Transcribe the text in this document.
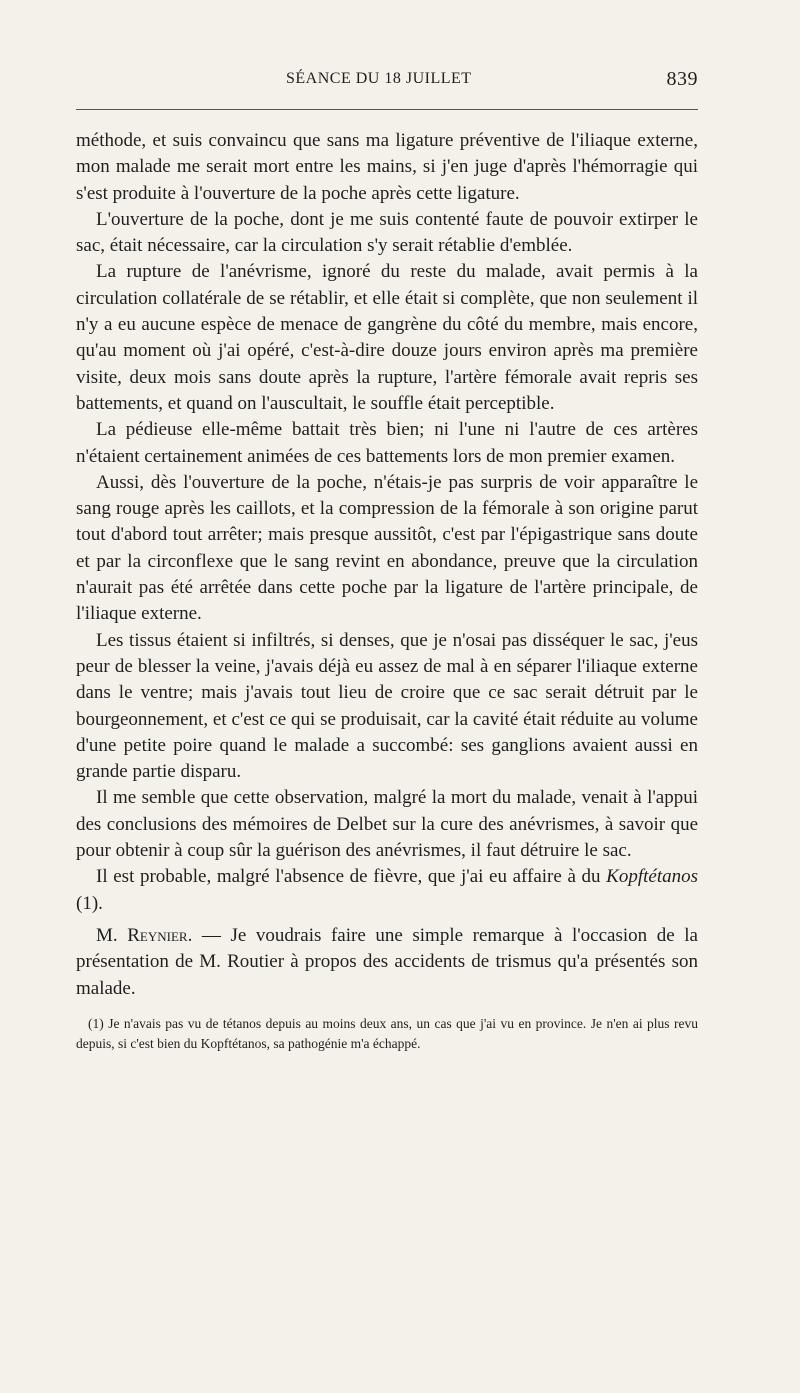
SÉANCE DU 18 JUILLET	839

méthode, et suis convaincu que sans ma ligature préventive de l'iliaque externe, mon malade me serait mort entre les mains, si j'en juge d'après l'hémorragie qui s'est produite à l'ouverture de la poche après cette ligature.

L'ouverture de la poche, dont je me suis contenté faute de pouvoir extirper le sac, était nécessaire, car la circulation s'y serait rétablie d'emblée.

La rupture de l'anévrisme, ignoré du reste du malade, avait permis à la circulation collatérale de se rétablir, et elle était si complète, que non seulement il n'y a eu aucune espèce de menace de gangrène du côté du membre, mais encore, qu'au moment où j'ai opéré, c'est-à-dire douze jours environ après ma première visite, deux mois sans doute après la rupture, l'artère fémorale avait repris ses battements, et quand on l'auscultait, le souffle était perceptible.

La pédieuse elle-même battait très bien; ni l'une ni l'autre de ces artères n'étaient certainement animées de ces battements lors de mon premier examen.

Aussi, dès l'ouverture de la poche, n'étais-je pas surpris de voir apparaître le sang rouge après les caillots, et la compression de la fémorale à son origine parut tout d'abord tout arrêter; mais presque aussitôt, c'est par l'épigastrique sans doute et par la circonflexe que le sang revint en abondance, preuve que la circulation n'aurait pas été arrêtée dans cette poche par la ligature de l'artère principale, de l'iliaque externe.

Les tissus étaient si infiltrés, si denses, que je n'osai pas disséquer le sac, j'eus peur de blesser la veine, j'avais déjà eu assez de mal à en séparer l'iliaque externe dans le ventre; mais j'avais tout lieu de croire que ce sac serait détruit par le bourgeonnement, et c'est ce qui se produisait, car la cavité était réduite au volume d'une petite poire quand le malade a succombé: ses ganglions avaient aussi en grande partie disparu.

Il me semble que cette observation, malgré la mort du malade, venait à l'appui des conclusions des mémoires de Delbet sur la cure des anévrismes, à savoir que pour obtenir à coup sûr la guérison des anévrismes, il faut détruire le sac.

Il est probable, malgré l'absence de fièvre, que j'ai eu affaire à du Kopftétanos (1).

M. Reynier. — Je voudrais faire une simple remarque à l'occasion de la présentation de M. Routier à propos des accidents de trismus qu'a présentés son malade.

(1) Je n'avais pas vu de tétanos depuis au moins deux ans, un cas que j'ai vu en province. Je n'en ai plus revu depuis, si c'est bien du Kopftétanos, sa pathogénie m'a échappé.
